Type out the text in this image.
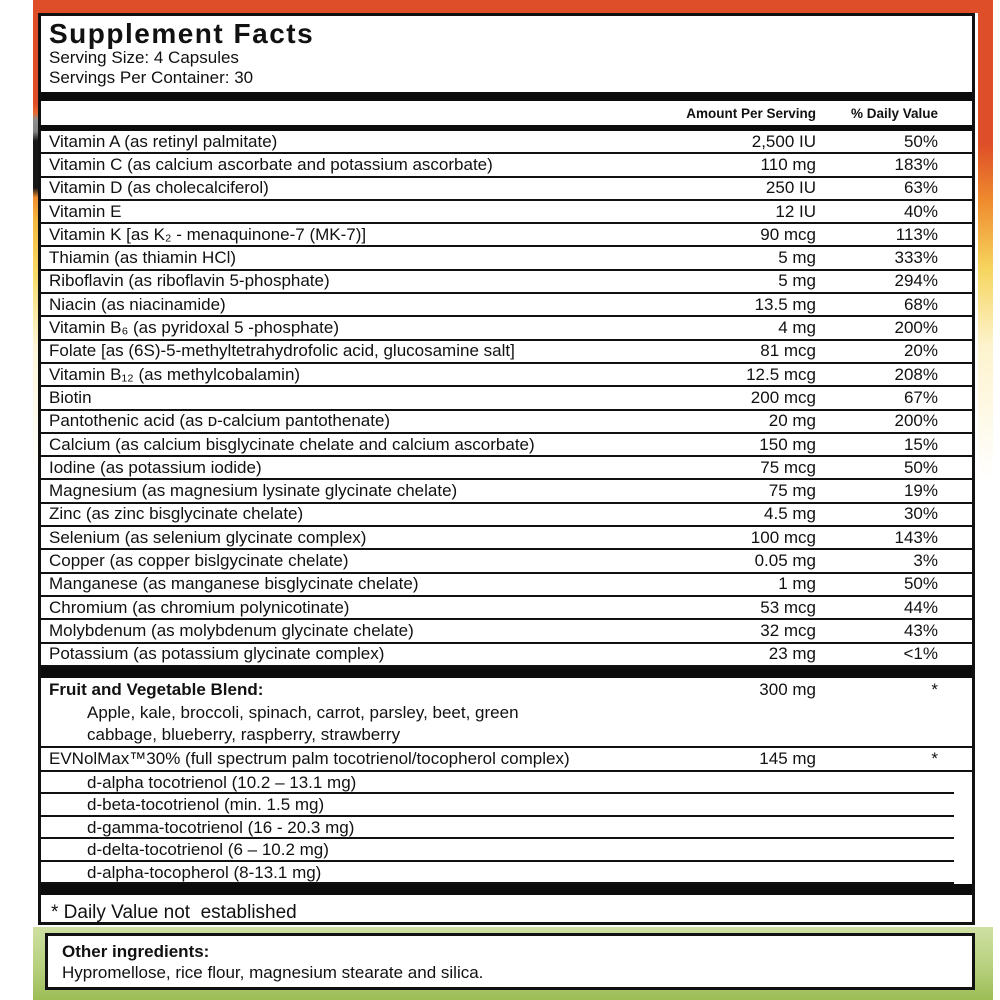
Supplement Facts
Serving Size: 4 Capsules
Servings Per Container: 30
Amount Per Serving	% Daily Value
Vitamin A (as retinyl palmitate)	2,500 IU	50%
Vitamin C (as calcium ascorbate and potassium ascorbate)	110 mg	183%
Vitamin D (as cholecalciferol)	250 IU	63%
Vitamin E	12 IU	40%
Vitamin K [as K₂ - menaquinone-7 (MK-7)]	90 mcg	113%
Thiamin (as thiamin HCl)	5 mg	333%
Riboflavin (as riboflavin 5-phosphate)	5 mg	294%
Niacin (as niacinamide)	13.5 mg	68%
Vitamin B₆ (as pyridoxal 5 -phosphate)	4 mg	200%
Folate [as (6S)-5-methyltetrahydrofolic acid, glucosamine salt]	81 mcg	20%
Vitamin B₁₂ (as methylcobalamin)	12.5 mcg	208%
Biotin	200 mcg	67%
Pantothenic acid (as ᴅ-calcium pantothenate)	20 mg	200%
Calcium (as calcium bisglycinate chelate and calcium ascorbate)	150 mg	15%
Iodine (as potassium iodide)	75 mcg	50%
Magnesium (as magnesium lysinate glycinate chelate)	75 mg	19%
Zinc (as zinc bisglycinate chelate)	4.5 mg	30%
Selenium (as selenium glycinate complex)	100 mcg	143%
Copper (as copper bislgycinate chelate)	0.05 mg	3%
Manganese (as manganese bisglycinate chelate)	1 mg	50%
Chromium (as chromium polynicotinate)	53 mcg	44%
Molybdenum (as molybdenum glycinate chelate)	32 mcg	43%
Potassium (as potassium glycinate complex)	23 mg	<1%
Fruit and Vegetable Blend:	300 mg	*
Apple, kale, broccoli, spinach, carrot, parsley, beet, green
cabbage, blueberry, raspberry, strawberry
EVNolMax™30% (full spectrum palm tocotrienol/tocopherol complex)	145 mg	*
d-alpha tocotrienol (10.2 – 13.1 mg)
d-beta-tocotrienol (min. 1.5 mg)
d-gamma-tocotrienol (16 - 20.3 mg)
d-delta-tocotrienol (6 – 10.2 mg)
d-alpha-tocopherol (8-13.1 mg)
* Daily Value not  established
Other ingredients:
Hypromellose, rice flour, magnesium stearate and silica.
